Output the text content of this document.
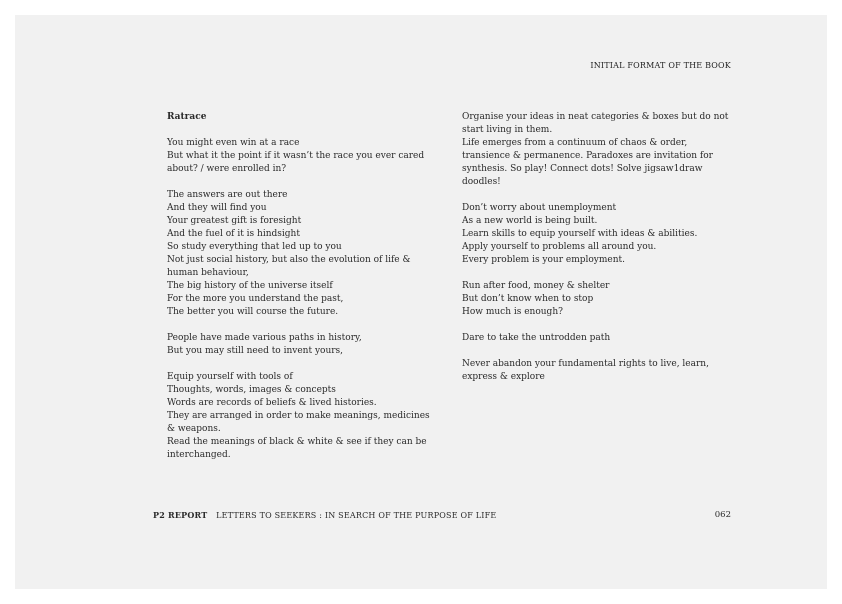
INITIAL FORMAT OF THE BOOK
Ratrace
You might even win at a race
But what it the point if it wasn’t the race you ever cared
about? / were enrolled in?
The answers are out there
And they will find you
Your greatest gift is foresight
And the fuel of it is hindsight
So study everything that led up to you
Not just social history, but also the evolution of life &
human behaviour,
The big history of the universe itself
For the more you understand the past,
The better you will course the future.
People have made various paths in history,
But you may still need to invent yours,
Equip yourself with tools of
Thoughts, words, images & concepts
Words are records of beliefs & lived histories.
They are arranged in order to make meanings, medicines
& weapons.
Read the meanings of black & white & see if they can be
interchanged.
Organise your ideas in neat categories & boxes but do not
start living in them.
Life emerges from a continuum of chaos & order,
transience & permanence. Paradoxes are invitation for
synthesis. So play! Connect dots! Solve jigsaw1draw
doodles!
Don’t worry about unemployment
As a new world is being built.
Learn skills to equip yourself with ideas & abilities.
Apply yourself to problems all around you.
Every problem is your employment.
Run after food, money & shelter
But don’t know when to stop
How much is enough?
Dare to take the untrodden path
Never abandon your fundamental rights to live, learn,
express & explore
P2 REPORT LETTERS TO SEEKERS : IN SEARCH OF THE PURPOSE OF LIFE	062
